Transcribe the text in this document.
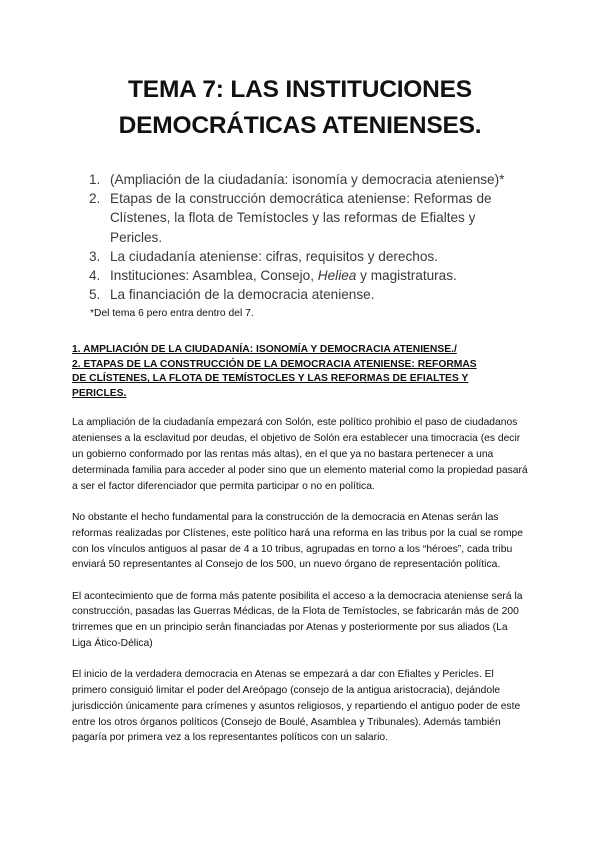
TEMA 7: LAS INSTITUCIONES
DEMOCRÁTICAS ATENIENSES.
1. (Ampliación de la ciudadanía: isonomía y democracia ateniense)*
2. Etapas de la construcción democrática ateniense: Reformas de Clístenes, la flota de Temístocles y las reformas de Efialtes y Pericles.
3. La ciudadanía ateniense: cifras, requisitos y derechos.
4. Instituciones: Asamblea, Consejo, Heliea y magistraturas.
5. La financiación de la democracia ateniense.

*Del tema 6 pero entra dentro del 7.

1. AMPLIACIÓN DE LA CIUDADANÍA: ISONOMÍA Y DEMOCRACIA ATENIENSE./
2. ETAPAS DE LA CONSTRUCCIÓN DE LA DEMOCRACIA ATENIENSE: REFORMAS
DE CLÍSTENES, LA FLOTA DE TEMÍSTOCLES Y LAS REFORMAS DE EFIALTES Y
PERICLES.

La ampliación de la ciudadanía empezará con Solón, este político prohibio el paso de ciudadanos atenienses a la esclavitud por deudas, el objetivo de Solón era establecer una timocracia (es decir un gobierno conformado por las rentas más altas), en el que ya no bastara pertenecer a una determinada familia para acceder al poder sino que un elemento material como la propiedad pasará a ser el factor diferenciador que permita participar o no en política.

No obstante el hecho fundamental para la construcción de la democracia en Atenas serán las reformas realizadas por Clístenes, este político hará una reforma en las tribus por la cual se rompe con los vínculos antiguos al pasar de 4 a 10 tribus, agrupadas en torno a los “héroes”, cada tribu enviará 50 representantes al Consejo de los 500, un nuevo órgano de representación política.

El acontecimiento que de forma más patente posibilita el acceso a la democracia ateniense será la construcción, pasadas las Guerras Médicas, de la Flota de Temístocles, se fabricarán más de 200 trirremes que en un principio serán financiadas por Atenas y posteriormente por sus aliados (La Liga Ático-Délica)

El inicio de la verdadera democracia en Atenas se empezará a dar con Efialtes y Pericles. El primero consiguió limitar el poder del Areópago (consejo de la antigua aristocracia), dejándole jurisdicción únicamente para crímenes y asuntos religiosos, y repartiendo el antiguo poder de este entre los otros órganos políticos (Consejo de Boulé, Asamblea y Tribunales). Además también pagaría por primera vez a los representantes políticos con un salario.
